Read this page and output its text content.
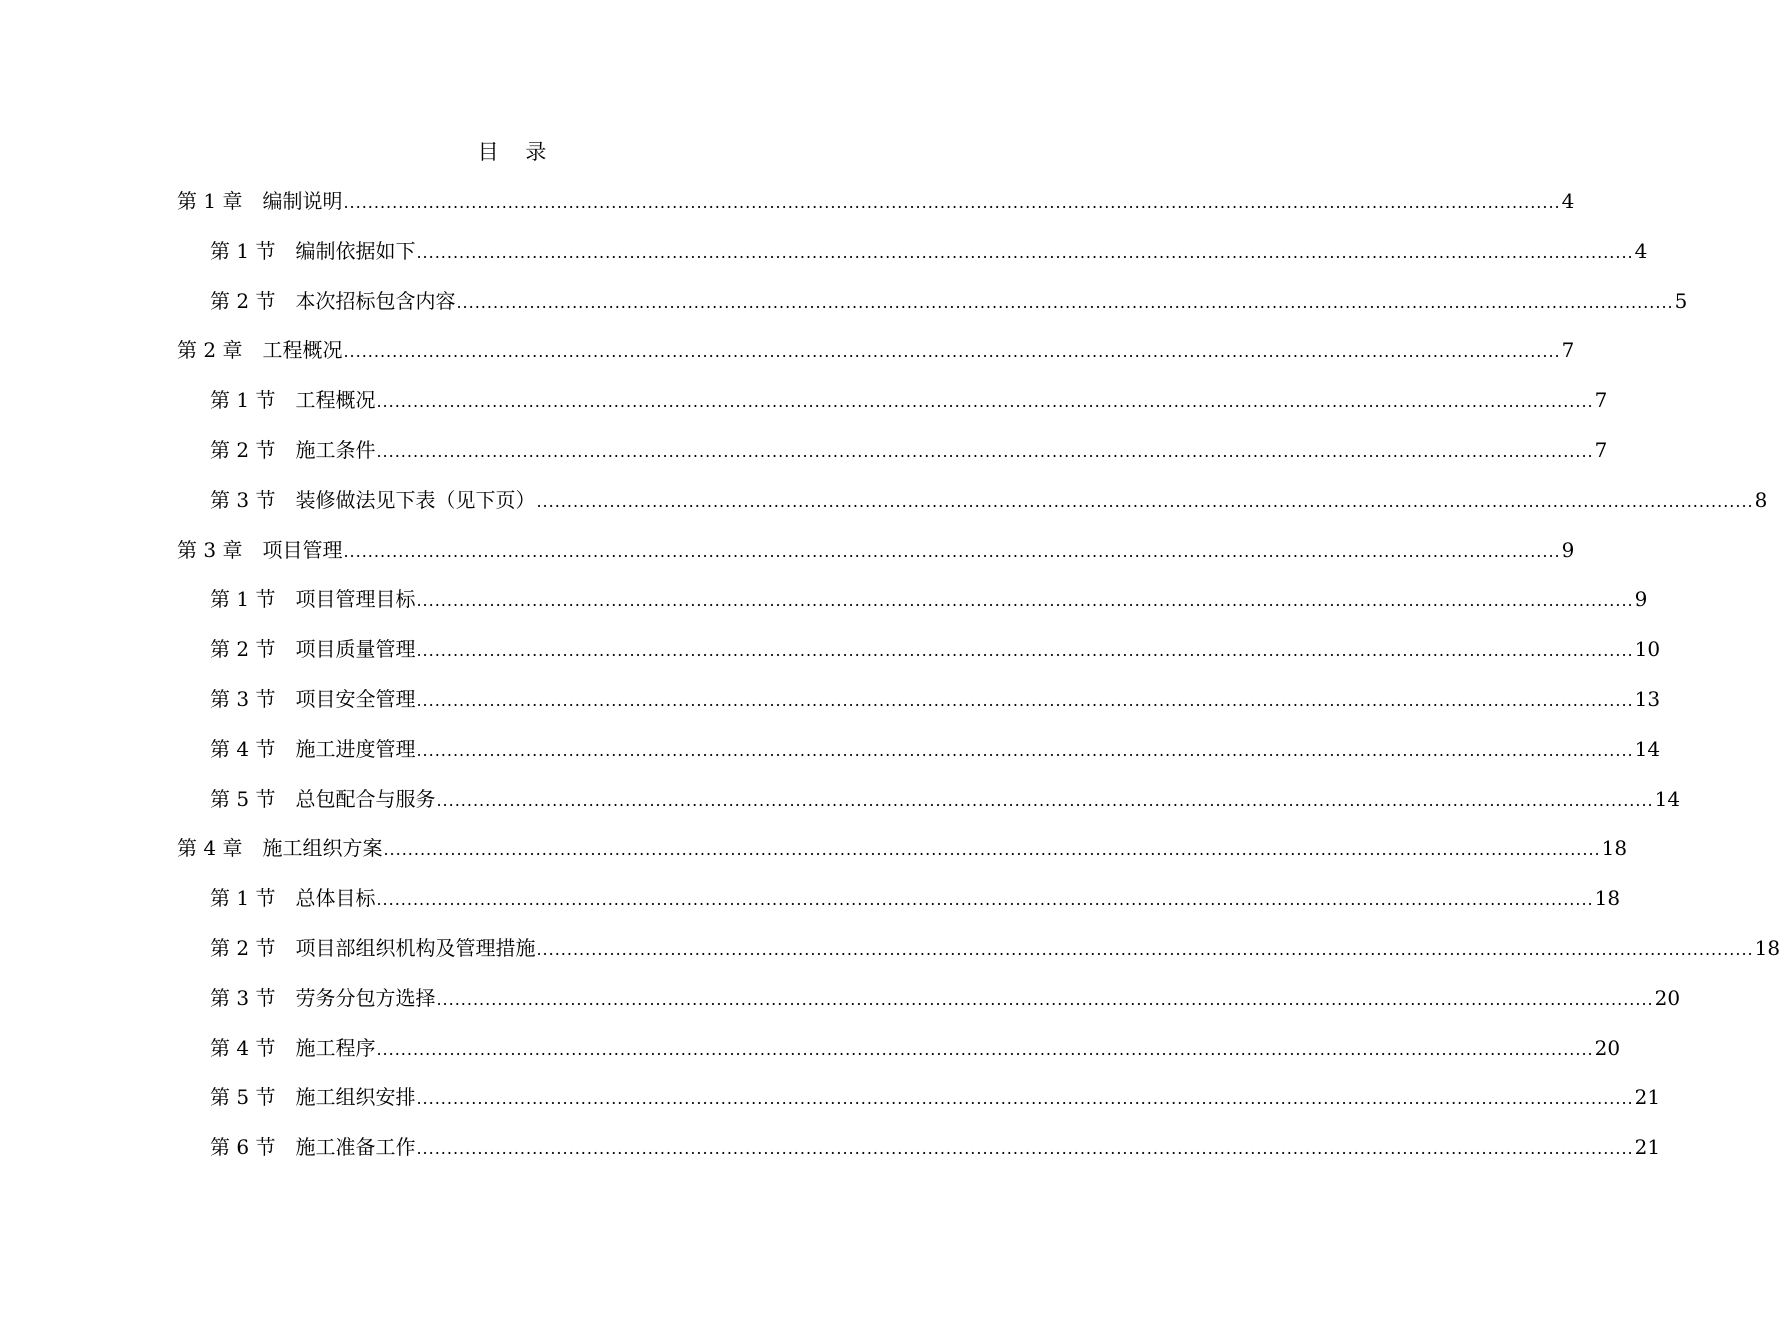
目 录
第 1 章 编制说明 ........................................................................................................................................................................................................ 4
第 1 节 编制依据如下 ........................................................................................................................................................................................................ 4
第 2 节 本次招标包含内容 ........................................................................................................................................................................................................ 5
第 2 章 工程概况 ........................................................................................................................................................................................................ 7
第 1 节 工程概况 ........................................................................................................................................................................................................ 7
第 2 节 施工条件 ........................................................................................................................................................................................................ 7
第 3 节 装修做法见下表（见下页） ........................................................................................................................................................................................................ 8
第 3 章 项目管理 ........................................................................................................................................................................................................ 9
第 1 节 项目管理目标 ........................................................................................................................................................................................................ 9
第 2 节 项目质量管理 ........................................................................................................................................................................................................ 10
第 3 节 项目安全管理 ........................................................................................................................................................................................................ 13
第 4 节 施工进度管理 ........................................................................................................................................................................................................ 14
第 5 节 总包配合与服务 ........................................................................................................................................................................................................ 14
第 4 章 施工组织方案 ........................................................................................................................................................................................................ 18
第 1 节 总体目标 ........................................................................................................................................................................................................ 18
第 2 节 项目部组织机构及管理措施 ........................................................................................................................................................................................................ 18
第 3 节 劳务分包方选择 ........................................................................................................................................................................................................ 20
第 4 节 施工程序 ........................................................................................................................................................................................................ 20
第 5 节 施工组织安排 ........................................................................................................................................................................................................ 21
第 6 节 施工准备工作 ........................................................................................................................................................................................................ 21
